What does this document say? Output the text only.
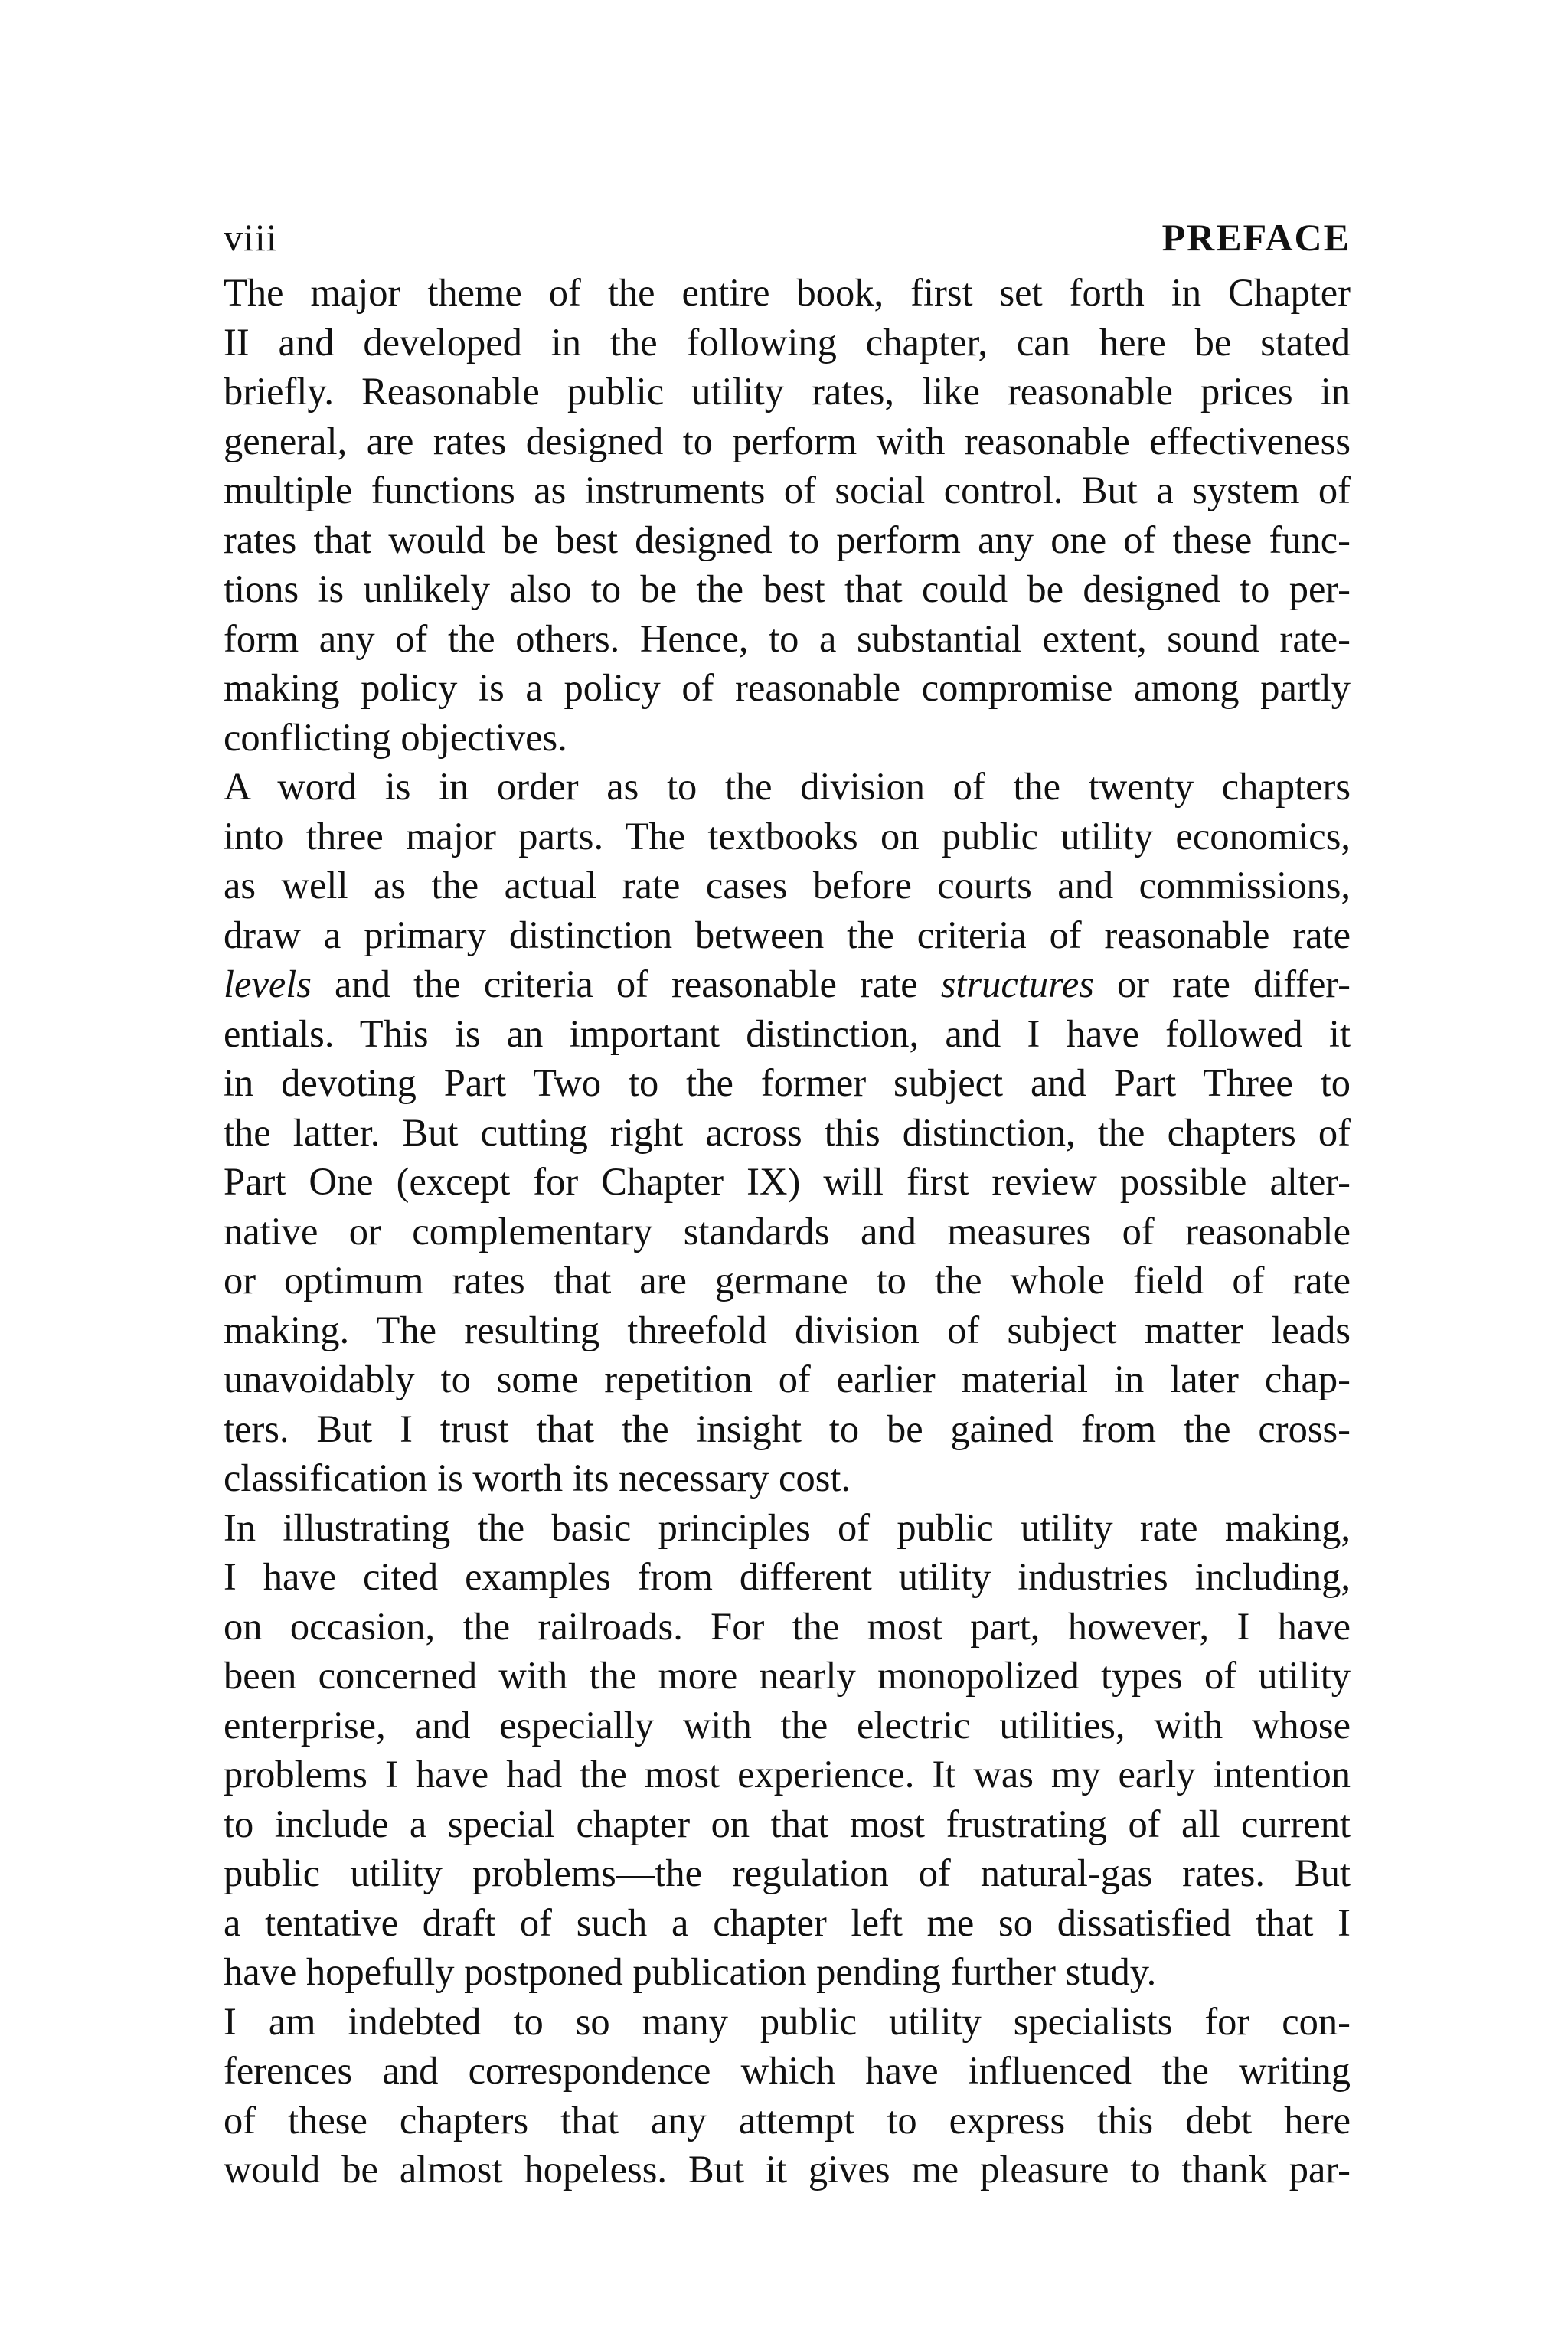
viii	PREFACE
The major theme of the entire book, first set forth in Chapter
II and developed in the following chapter, can here be stated
briefly. Reasonable public utility rates, like reasonable prices in
general, are rates designed to perform with reasonable effectiveness
multiple functions as instruments of social control. But a system of
rates that would be best designed to perform any one of these func-
tions is unlikely also to be the best that could be designed to per-
form any of the others. Hence, to a substantial extent, sound rate-
making policy is a policy of reasonable compromise among partly
conflicting objectives.
A word is in order as to the division of the twenty chapters
into three major parts. The textbooks on public utility economics,
as well as the actual rate cases before courts and commissions,
draw a primary distinction between the criteria of reasonable rate
levels and the criteria of reasonable rate structures or rate differ-
entials. This is an important distinction, and I have followed it
in devoting Part Two to the former subject and Part Three to
the latter. But cutting right across this distinction, the chapters of
Part One (except for Chapter IX) will first review possible alter-
native or complementary standards and measures of reasonable
or optimum rates that are germane to the whole field of rate
making. The resulting threefold division of subject matter leads
unavoidably to some repetition of earlier material in later chap-
ters. But I trust that the insight to be gained from the cross-
classification is worth its necessary cost.
In illustrating the basic principles of public utility rate making,
I have cited examples from different utility industries including,
on occasion, the railroads. For the most part, however, I have
been concerned with the more nearly monopolized types of utility
enterprise, and especially with the electric utilities, with whose
problems I have had the most experience. It was my early intention
to include a special chapter on that most frustrating of all current
public utility problems—the regulation of natural-gas rates. But
a tentative draft of such a chapter left me so dissatisfied that I
have hopefully postponed publication pending further study.
I am indebted to so many public utility specialists for con-
ferences and correspondence which have influenced the writing
of these chapters that any attempt to express this debt here
would be almost hopeless. But it gives me pleasure to thank par-
